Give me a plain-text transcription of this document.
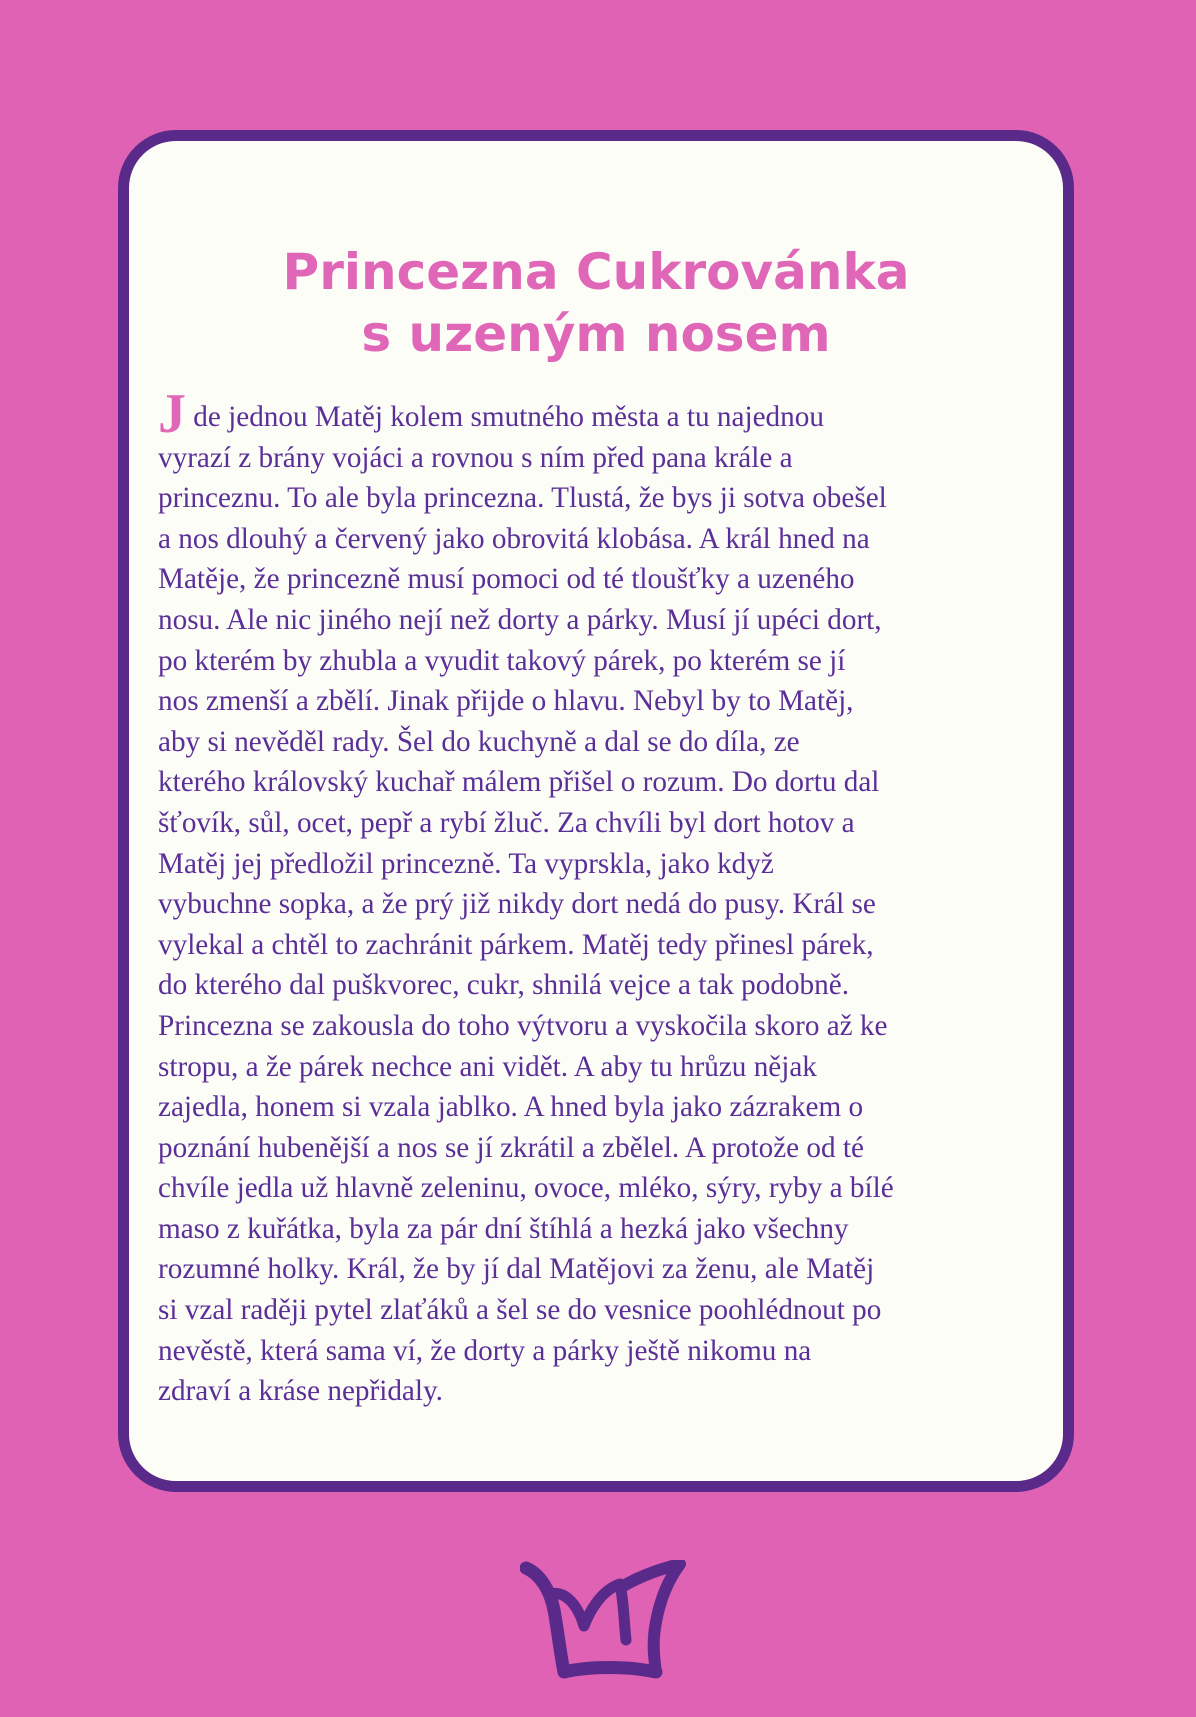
Princezna Cukrovánka
s uzeným nosem
J de jednou Matěj kolem smutného města a tu najednou
vyrazí z brány vojáci a rovnou s ním před pana krále a
princeznu. To ale byla princezna. Tlustá, že bys ji sotva obešel
a nos dlouhý a červený jako obrovitá klobása. A král hned na
Matěje, že princezně musí pomoci od té tloušťky a uzeného
nosu. Ale nic jiného nejí než dorty a párky. Musí jí upéci dort,
po kterém by zhubla a vyudit takový párek, po kterém se jí
nos zmenší a zbělí. Jinak přijde o hlavu. Nebyl by to Matěj,
aby si nevěděl rady. Šel do kuchyně a dal se do díla, ze
kterého královský kuchař málem přišel o rozum. Do dortu dal
šťovík, sůl, ocet, pepř a rybí žluč. Za chvíli byl dort hotov a
Matěj jej předložil princezně. Ta vyprskla, jako když
vybuchne sopka, a že prý již nikdy dort nedá do pusy. Král se
vylekal a chtěl to zachránit párkem. Matěj tedy přinesl párek,
do kterého dal puškvorec, cukr, shnilá vejce a tak podobně.
Princezna se zakousla do toho výtvoru a vyskočila skoro až ke
stropu, a že párek nechce ani vidět. A aby tu hrůzu nějak
zajedla, honem si vzala jablko. A hned byla jako zázrakem o
poznání hubenější a nos se jí zkrátil a zbělel. A protože od té
chvíle jedla už hlavně zeleninu, ovoce, mléko, sýry, ryby a bílé
maso z kuřátka, byla za pár dní štíhlá a hezká jako všechny
rozumné holky. Král, že by jí dal Matějovi za ženu, ale Matěj
si vzal raději pytel zlaťáků a šel se do vesnice poohlédnout po
nevěstě, která sama ví, že dorty a párky ještě nikomu na
zdraví a kráse nepřidaly.
